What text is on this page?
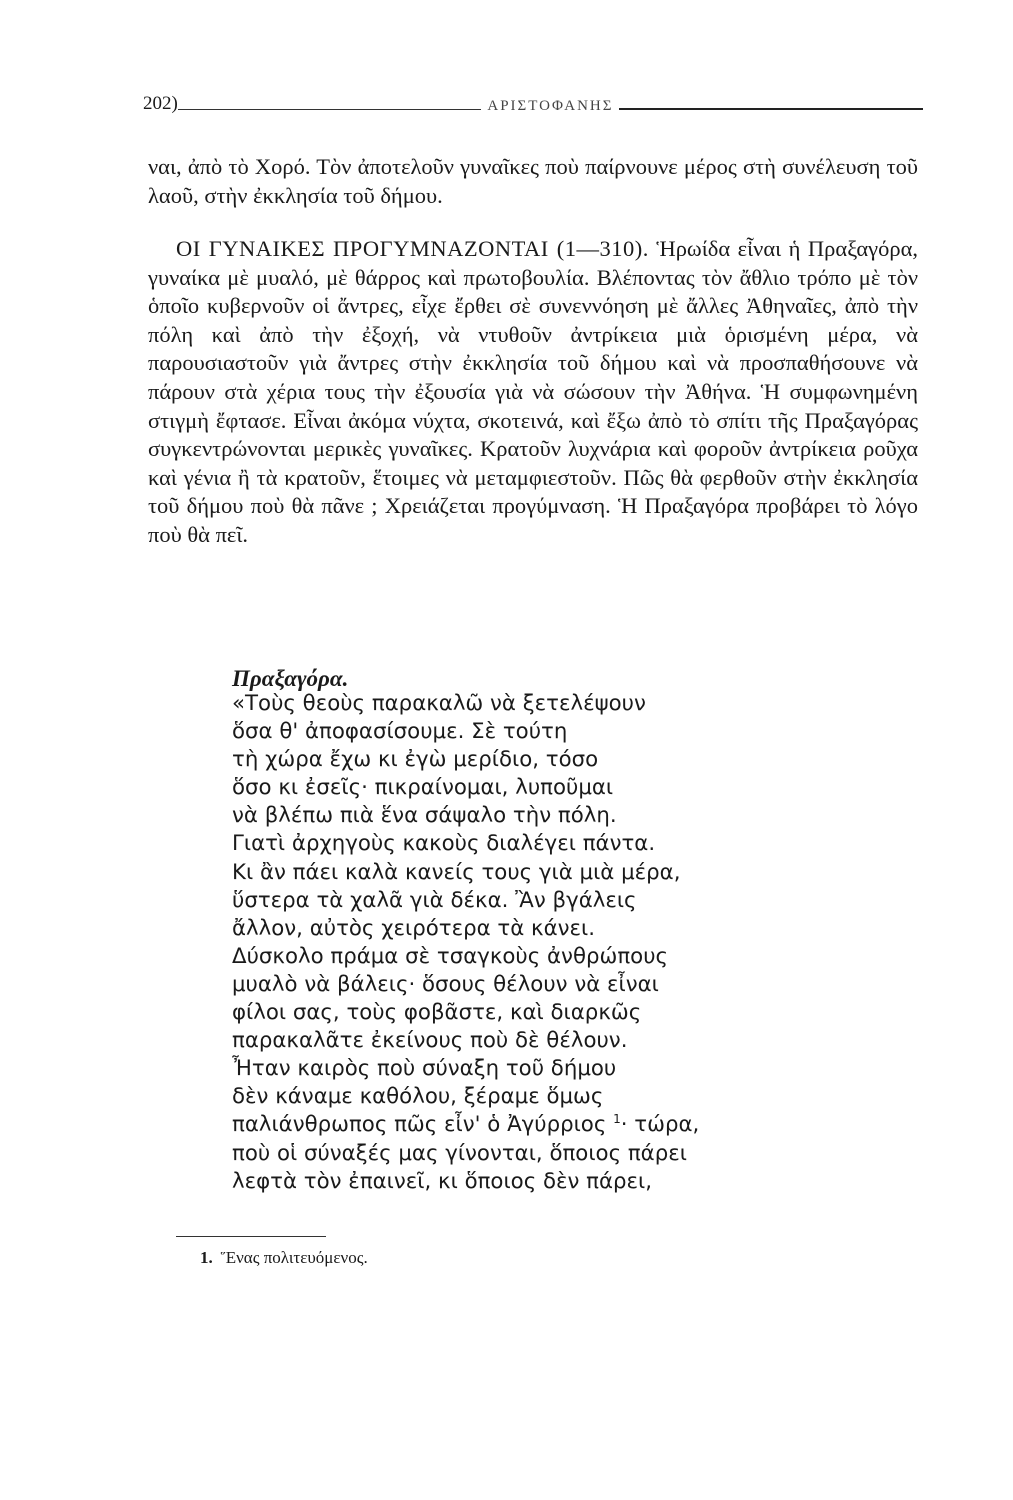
202)	ΑΡΙΣΤΟΦΑΝΗΣ

ναι, ἀπὸ τὸ Χορό. Τὸν ἀποτελοῦν γυναῖκες ποὺ παίρνουνε μέρος στὴ συνέλευση τοῦ λαοῦ, στὴν ἐκκλησία τοῦ δήμου.

ΟΙ ΓΥΝΑΙΚΕΣ ΠΡΟΓΥΜΝΑΖΟΝΤΑΙ (1—310). Ἡρωίδα εἶναι ἡ Πραξαγόρα, γυναίκα μὲ μυαλό, μὲ θάρρος καὶ πρωτοβουλία. Βλέποντας τὸν ἄθλιο τρόπο μὲ τὸν ὁποῖο κυβερνοῦν οἱ ἄντρες, εἶχε ἔρθει σὲ συνεννόηση μὲ ἄλλες Ἀθηναῖες, ἀπὸ τὴν πόλη καὶ ἀπὸ τὴν ἐξοχή, νὰ ντυθοῦν ἀντρίκεια μιὰ ὁρισμένη μέρα, νὰ παρουσιαστοῦν γιὰ ἄντρες στὴν ἐκκλησία τοῦ δήμου καὶ νὰ προσπαθήσουνε νὰ πάρουν στὰ χέρια τους τὴν ἐξουσία γιὰ νὰ σώσουν τὴν Ἀθήνα. Ἡ συμφωνημένη στιγμὴ ἔφτασε. Εἶναι ἀκόμα νύχτα, σκοτεινά, καὶ ἔξω ἀπὸ τὸ σπίτι τῆς Πραξαγόρας συγκεντρώνονται μερικὲς γυναῖκες. Κρατοῦν λυχνάρια καὶ φοροῦν ἀντρίκεια ροῦχα καὶ γένια ἢ τὰ κρατοῦν, ἕτοιμες νὰ μεταμφιεστοῦν. Πῶς θὰ φερθοῦν στὴν ἐκκλησία τοῦ δήμου ποὺ θὰ πᾶνε ; Χρειάζεται προγύμναση. Ἡ Πραξαγόρα προβάρει τὸ λόγο ποὺ θὰ πεῖ.

Πραξαγόρα.
«Τοὺς θεοὺς παρακαλῶ νὰ ξετελέψουν
ὅσα θ' ἀποφασίσουμε. Σὲ τούτη
τὴ χώρα ἔχω κι ἐγὼ μερίδιο, τόσο
ὅσο κι ἐσεῖς· πικραίνομαι, λυποῦμαι
νὰ βλέπω πιὰ ἕνα σάψαλο τὴν πόλη.
Γιατὶ ἀρχηγοὺς κακοὺς διαλέγει πάντα.
Κι ἂν πάει καλὰ κανείς τους γιὰ μιὰ μέρα,
ὕστερα τὰ χαλᾶ γιὰ δέκα. Ἂν βγάλεις
ἄλλον, αὐτὸς χειρότερα τὰ κάνει.
Δύσκολο πράμα σὲ τσαγκοὺς ἀνθρώπους
μυαλὸ νὰ βάλεις· ὅσους θέλουν νὰ εἶναι
φίλοι σας, τοὺς φοβᾶστε, καὶ διαρκῶς
παρακαλᾶτε ἐκείνους ποὺ δὲ θέλουν.
Ἦταν καιρὸς ποὺ σύναξη τοῦ δήμου
δὲν κάναμε καθόλου, ξέραμε ὅμως
παλιάνθρωπος πῶς εἶν' ὁ Ἀγύρριος $^1$· τώρα,
ποὺ οἱ σύναξές μας γίνονται, ὅποιος πάρει
λεφτὰ τὸν ἐπαινεῖ, κι ὅποιος δὲν πάρει,
1. Ἕνας πολιτευόμενος.
